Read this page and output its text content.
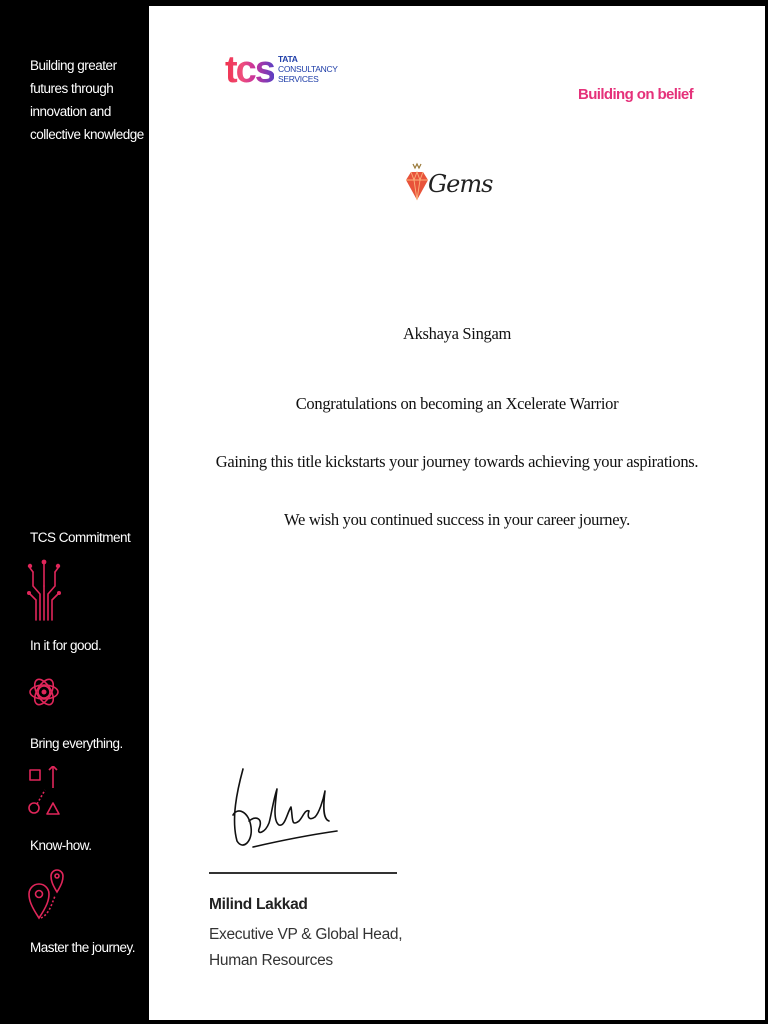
Building greater
futures through
innovation and
collective knowledge
TCS Commitment
In it for good.
Bring everything.
Know-how.
Master the journey.
tcs TATA
CONSULTANCY
SERVICES
Building on belief
Gems
Akshaya Singam
Congratulations on becoming an Xcelerate Warrior
Gaining this title kickstarts your journey towards achieving your aspirations.
We wish you continued success in your career journey.
Milind Lakkad
Executive VP & Global Head,
Human Resources
